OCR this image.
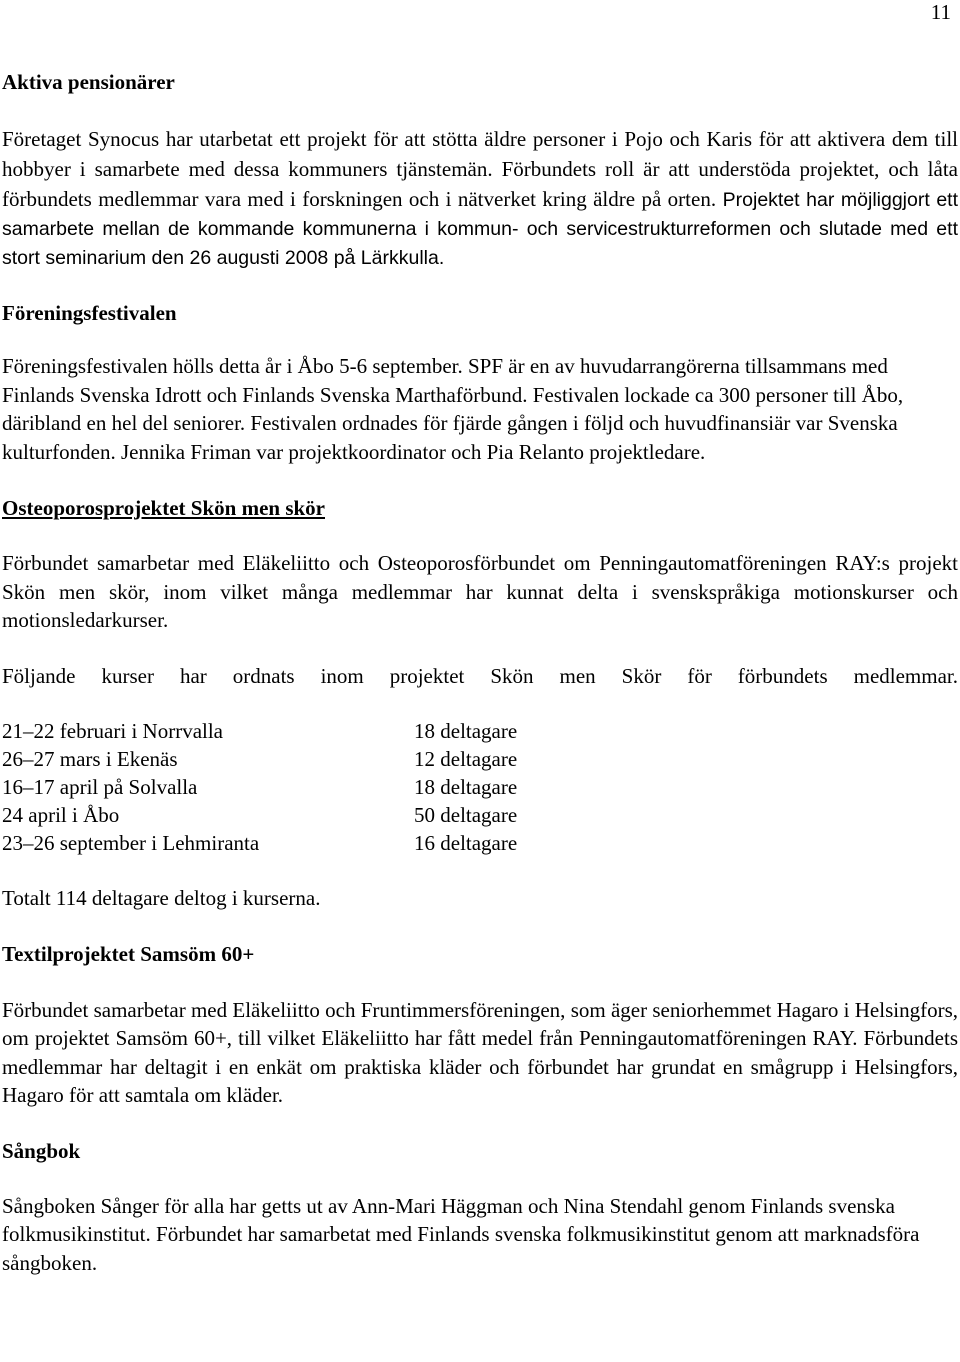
11
Aktiva pensionärer

Företaget Synocus har utarbetat ett projekt för att stötta äldre personer i Pojo och Karis för att aktivera dem till hobbyer i samarbete med dessa kommuners tjänstemän. Förbundets roll är att understöda projektet, och låta förbundets medlemmar vara med i forskningen och i nätverket kring äldre på orten. Projektet har möjliggjort ett samarbete mellan de kommande kommunerna i kommun- och servicestrukturreformen och slutade med ett stort seminarium den 26 augusti 2008 på Lärkkulla.

Föreningsfestivalen

Föreningsfestivalen hölls detta år i Åbo 5-6 september. SPF är en av huvudarrangörerna tillsammans med Finlands Svenska Idrott och Finlands Svenska Marthaförbund. Festivalen lockade ca 300 personer till Åbo, däribland en hel del seniorer. Festivalen ordnades för fjärde gången i följd och huvudfinansiär var Svenska kulturfonden. Jennika Friman var projektkoordinator och Pia Relanto projektledare.

Osteoporosprojektet Skön men skör

Förbundet samarbetar med Eläkeliitto och Osteoporosförbundet om Penningautomatföreningen RAY:s projekt Skön men skör, inom vilket många medlemmar har kunnat delta i svenskspråkiga motionskurser och motionsledarkurser.

Följande kurser har ordnats inom projektet Skön men Skör för förbundets medlemmar.

21–22 februari i Norrvalla	18 deltagare
26–27 mars i Ekenäs	12 deltagare
16–17 april på Solvalla	18 deltagare
24 april i Åbo	50 deltagare
23–26 september i Lehmiranta	16 deltagare

Totalt 114 deltagare deltog i kurserna.

Textilprojektet Samsöm 60+

Förbundet samarbetar med Eläkeliitto och Fruntimmersföreningen, som äger seniorhemmet Hagaro i Helsingfors, om projektet Samsöm 60+, till vilket Eläkeliitto har fått medel från Penningautomatföreningen RAY. Förbundets medlemmar har deltagit i en enkät om praktiska kläder och förbundet har grundat en smågrupp i Helsingfors, Hagaro för att samtala om kläder.

Sångbok

Sångboken Sånger för alla har getts ut av Ann-Mari Häggman och Nina Stendahl genom Finlands svenska folkmusikinstitut. Förbundet har samarbetat med Finlands svenska folkmusikinstitut genom att marknadsföra sångboken.
